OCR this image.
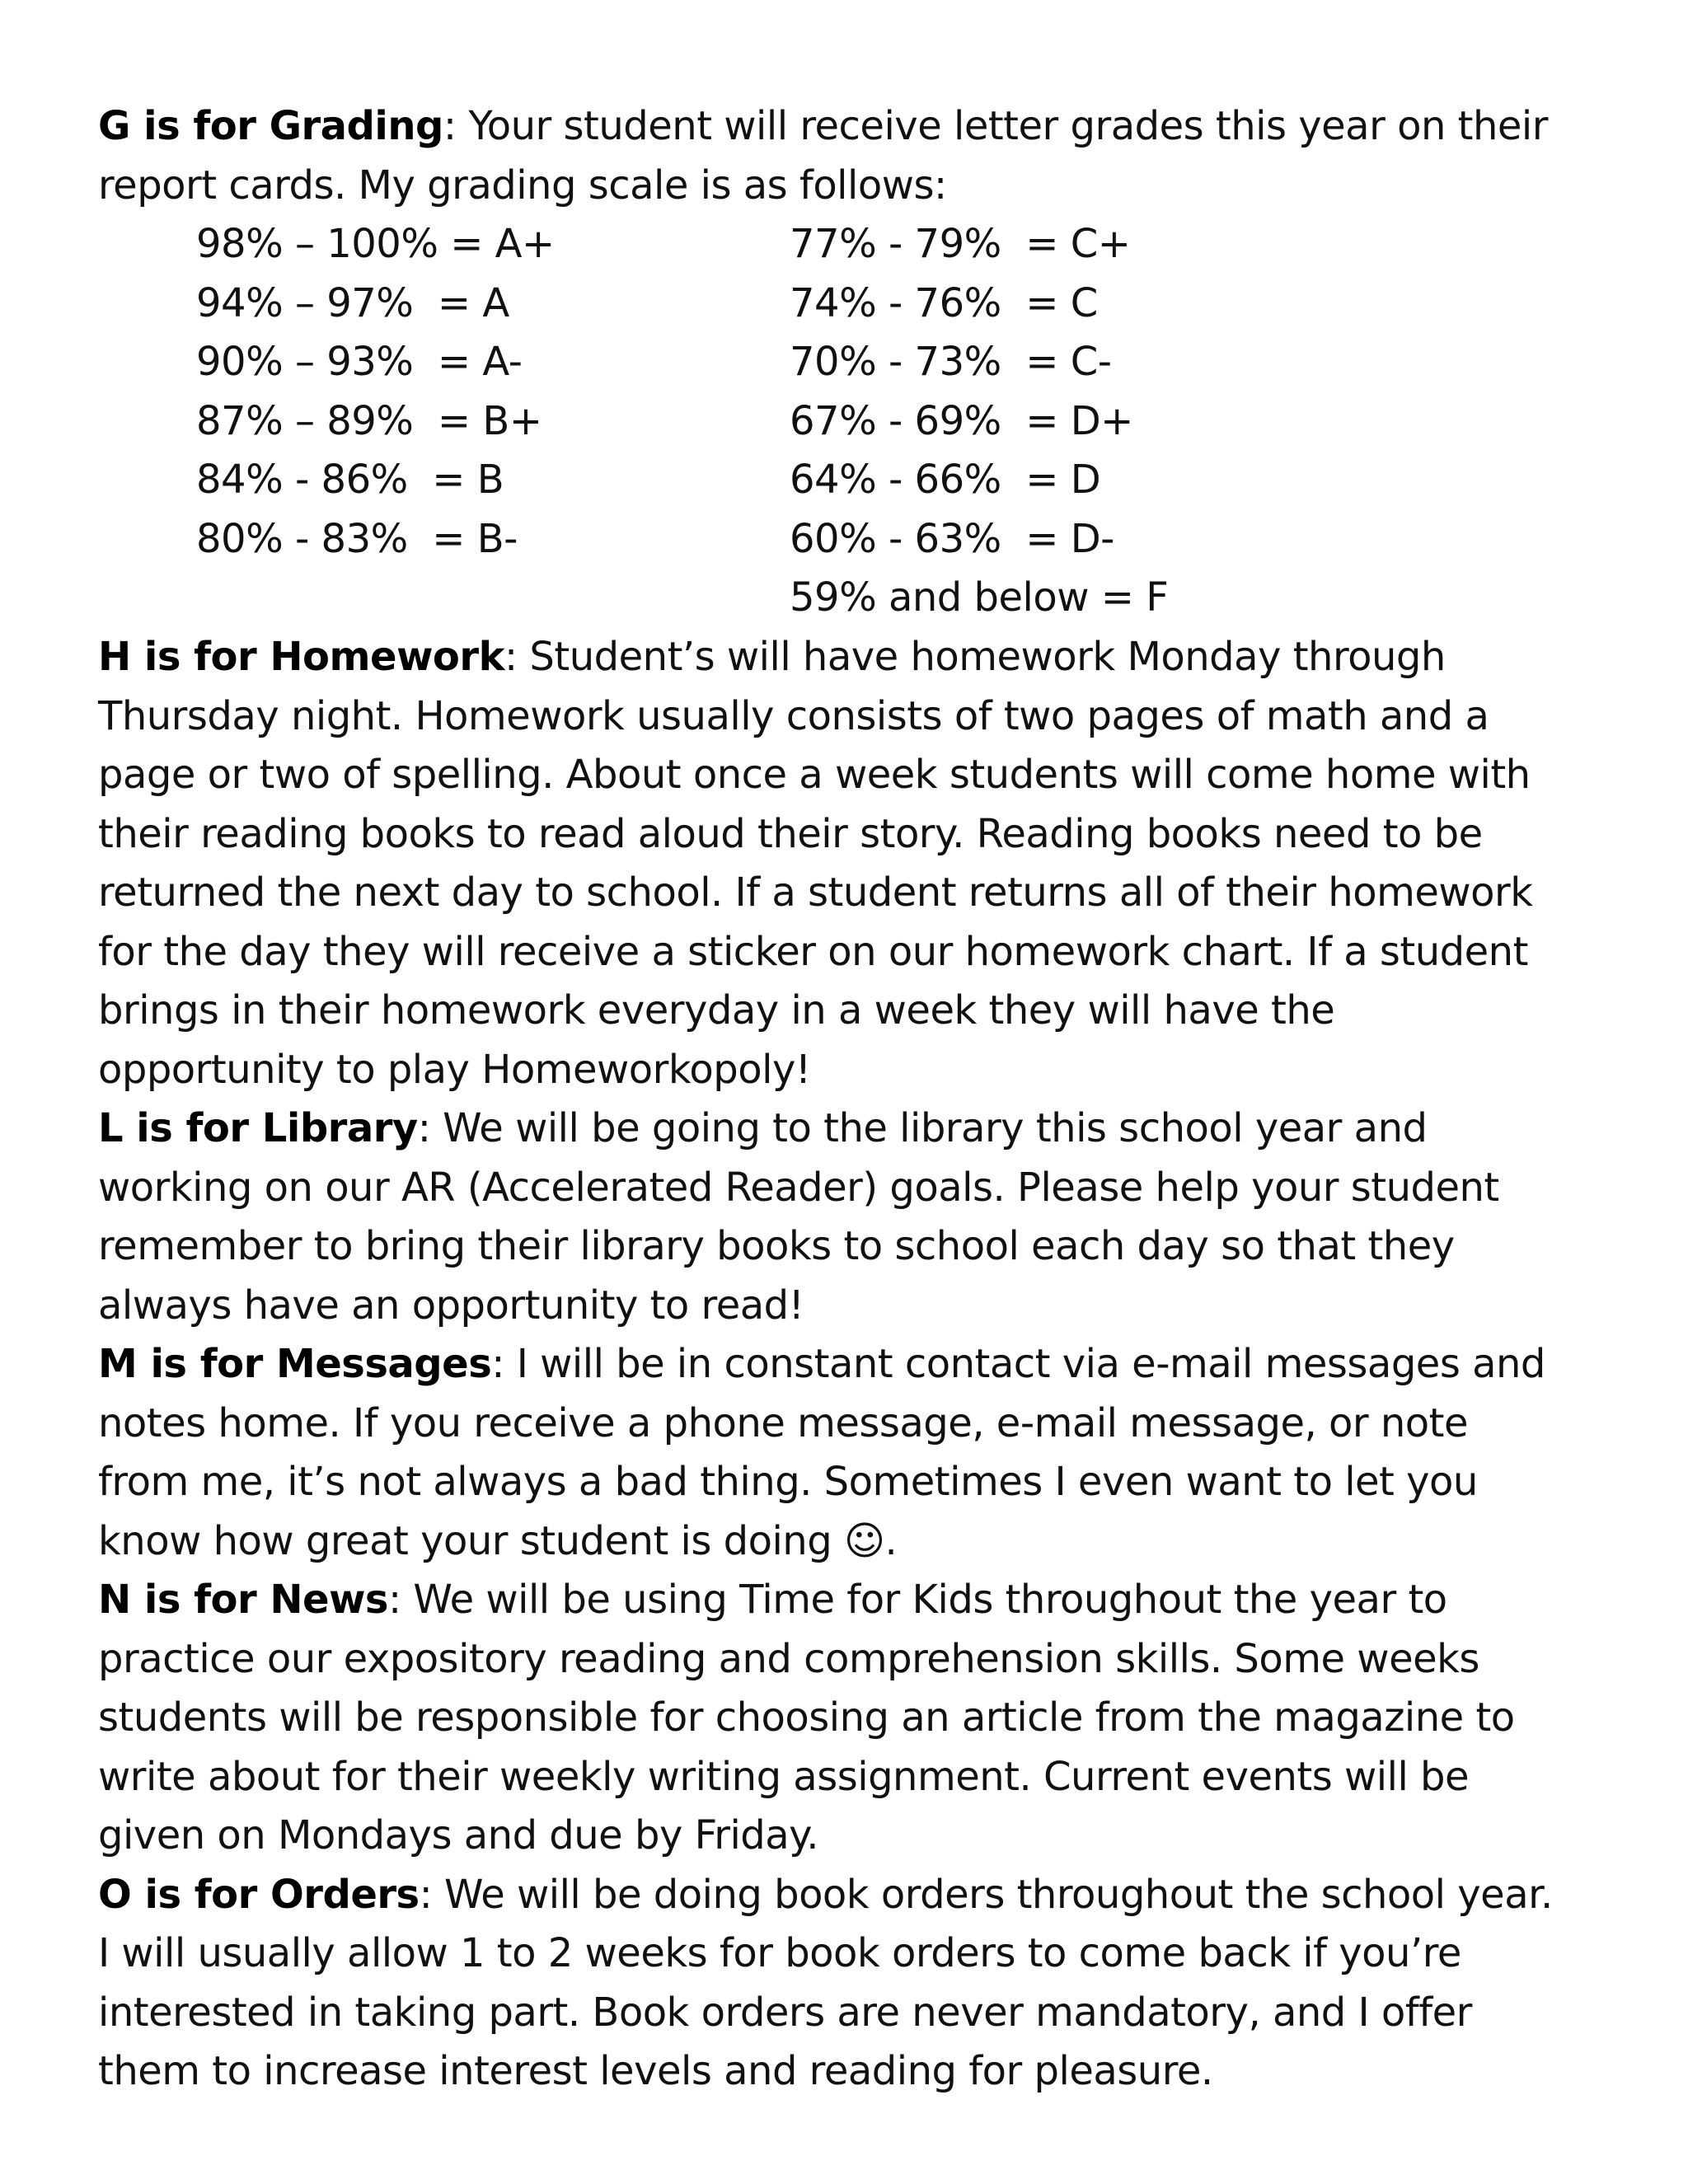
G is for Grading: Your student will receive letter grades this year on their report cards. My grading scale is as follows:

98% – 100% = A+
94% – 97%  = A
90% – 93%  = A-
87% – 89%  = B+
84% - 86%  = B
80% - 83%  = B-
77% - 79%  = C+
74% - 76%  = C
70% - 73%  = C-
67% - 69%  = D+
64% - 66%  = D
60% - 63%  = D-
59% and below = F

H is for Homework: Student’s will have homework Monday through Thursday night. Homework usually consists of two pages of math and a page or two of spelling. About once a week students will come home with their reading books to read aloud their story. Reading books need to be returned the next day to school. If a student returns all of their homework for the day they will receive a sticker on our homework chart. If a student brings in their homework everyday in a week they will have the opportunity to play Homeworkopoly!

L is for Library: We will be going to the library this school year and working on our AR (Accelerated Reader) goals. Please help your student remember to bring their library books to school each day so that they always have an opportunity to read!

M is for Messages: I will be in constant contact via e-mail messages and notes home. If you receive a phone message, e-mail message, or note from me, it’s not always a bad thing. Sometimes I even want to let you know how great your student is doing ☺.

N is for News: We will be using Time for Kids throughout the year to practice our expository reading and comprehension skills. Some weeks students will be responsible for choosing an article from the magazine to write about for their weekly writing assignment. Current events will be given on Mondays and due by Friday.

O is for Orders: We will be doing book orders throughout the school year. I will usually allow 1 to 2 weeks for book orders to come back if you’re interested in taking part. Book orders are never mandatory, and I offer them to increase interest levels and reading for pleasure.
